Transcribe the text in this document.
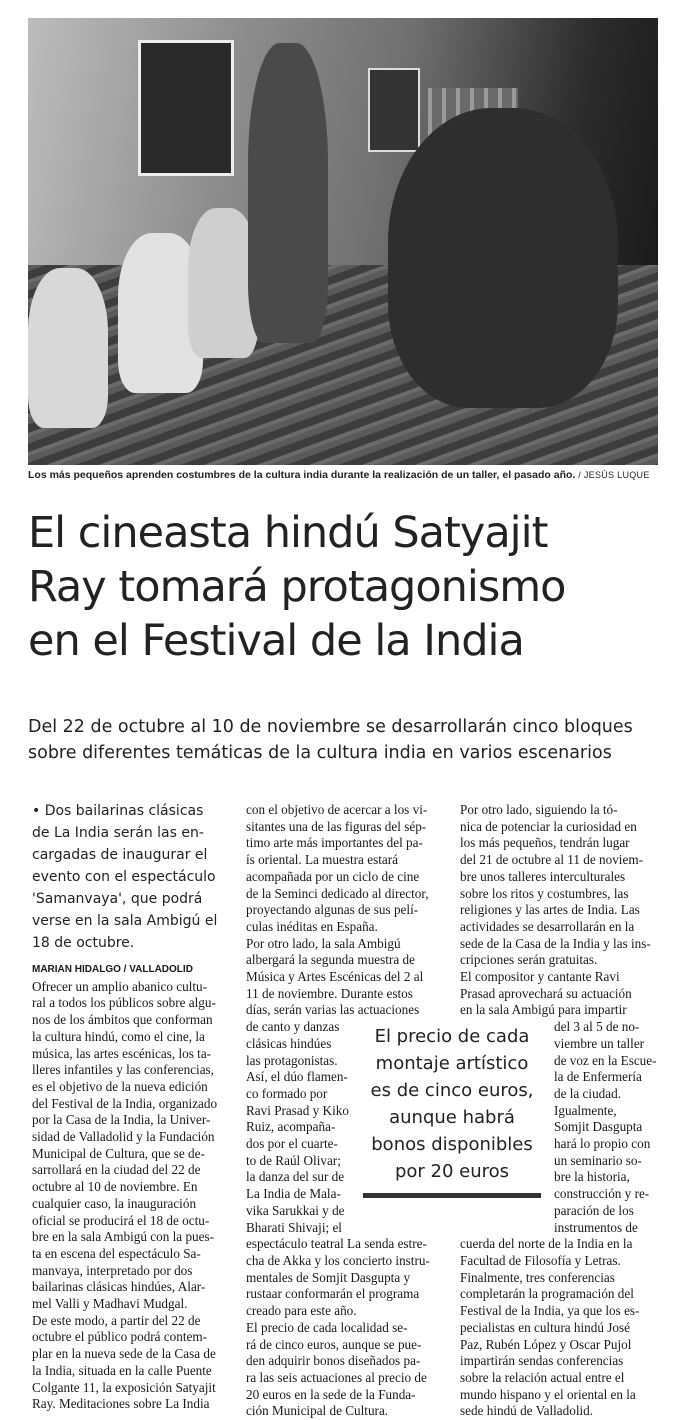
Los más pequeños aprenden costumbres de la cultura india durante la realización de un taller, el pasado año. / JESÚS LUQUE
El cineasta hindú Satyajit
Ray tomará protagonismo
en el Festival de la India
Del 22 de octubre al 10 de noviembre se desarrollarán cinco bloques
sobre diferentes temáticas de la cultura india en varios escenarios
• Dos bailarinas clásicas
de La India serán las en-
cargadas de inaugurar el
evento con el espectáculo
'Samanvaya', que podrá
verse en la sala Ambigú el
18 de octubre.
MARIAN HIDALGO / VALLADOLID
Ofrecer un amplio abanico cultu-
ral a todos los públicos sobre algu-
nos de los ámbitos que conforman
la cultura hindú, como el cine, la
música, las artes escénicas, los ta-
lleres infantiles y las conferencias,
es el objetivo de la nueva edición
del Festival de la India, organizado
por la Casa de la India, la Univer-
sidad de Valladolid y la Fundación
Municipal de Cultura, que se de-
sarrollará en la ciudad del 22 de
octubre al 10 de noviembre. En
cualquier caso, la inauguración
oficial se producirá el 18 de octu-
bre en la sala Ambigú con la pues-
ta en escena del espectáculo Sa-
manvaya, interpretado por dos
bailarinas clásicas hindúes, Alar-
mel Valli y Madhavi Mudgal.
De este modo, a partir del 22 de
octubre el público podrá contem-
plar en la nueva sede de la Casa de
la India, situada en la calle Puente
Colgante 11, la exposición Satyajit
Ray. Meditaciones sobre La India
con el objetivo de acercar a los vi-
sitantes una de las figuras del sép-
timo arte más importantes del pa-
ís oriental. La muestra estará
acompañada por un ciclo de cine
de la Seminci dedicado al director,
proyectando algunas de sus pelí-
culas inéditas en España.
Por otro lado, la sala Ambigú
albergará la segunda muestra de
Música y Artes Escénicas del 2 al
11 de noviembre. Durante estos
días, serán varias las actuaciones
de canto y danzas
clásicas hindúes
las protagonistas.
Así, el dúo flamen-
co formado por
Ravi Prasad y Kiko
Ruiz, acompaña-
dos por el cuarte-
to de Raúl Olivar;
la danza del sur de
La India de Mala-
vika Sarukkai y de
Bharati Shivaji; el
espectáculo teatral La senda estre-
cha de Akka y los concierto instru-
mentales de Somjit Dasgupta y
rustaar conformarán el programa
creado para este año.
El precio de cada localidad se-
rá de cinco euros, aunque se pue-
den adquirir bonos diseñados pa-
ra las seis actuaciones al precio de
20 euros en la sede de la Funda-
ción Municipal de Cultura.
Por otro lado, siguiendo la tó-
nica de potenciar la curiosidad en
los más pequeños, tendrán lugar
del 21 de octubre al 11 de noviem-
bre unos talleres interculturales
sobre los ritos y costumbres, las
religiones y las artes de India. Las
actividades se desarrollarán en la
sede de la Casa de la India y las ins-
cripciones serán gratuitas.
El compositor y cantante Ravi
Prasad aprovechará su actuación
en la sala Ambigú para impartir
del 3 al 5 de no-
viembre un taller
de voz en la Escue-
la de Enfermería
de la ciudad.
Igualmente,
Somjit Dasgupta
hará lo propio con
un seminario so-
bre la historia,
construcción y re-
paración de los
instrumentos de
cuerda del norte de la India en la
Facultad de Filosofía y Letras.
Finalmente, tres conferencias
completarán la programación del
Festival de la India, ya que los es-
pecialistas en cultura hindú José
Paz, Rubén López y Oscar Pujol
impartirán sendas conferencias
sobre la relación actual entre el
mundo hispano y el oriental en la
sede hindú de Valladolid.
El precio de cada
montaje artístico
es de cinco euros,
aunque habrá
bonos disponibles
por 20 euros
